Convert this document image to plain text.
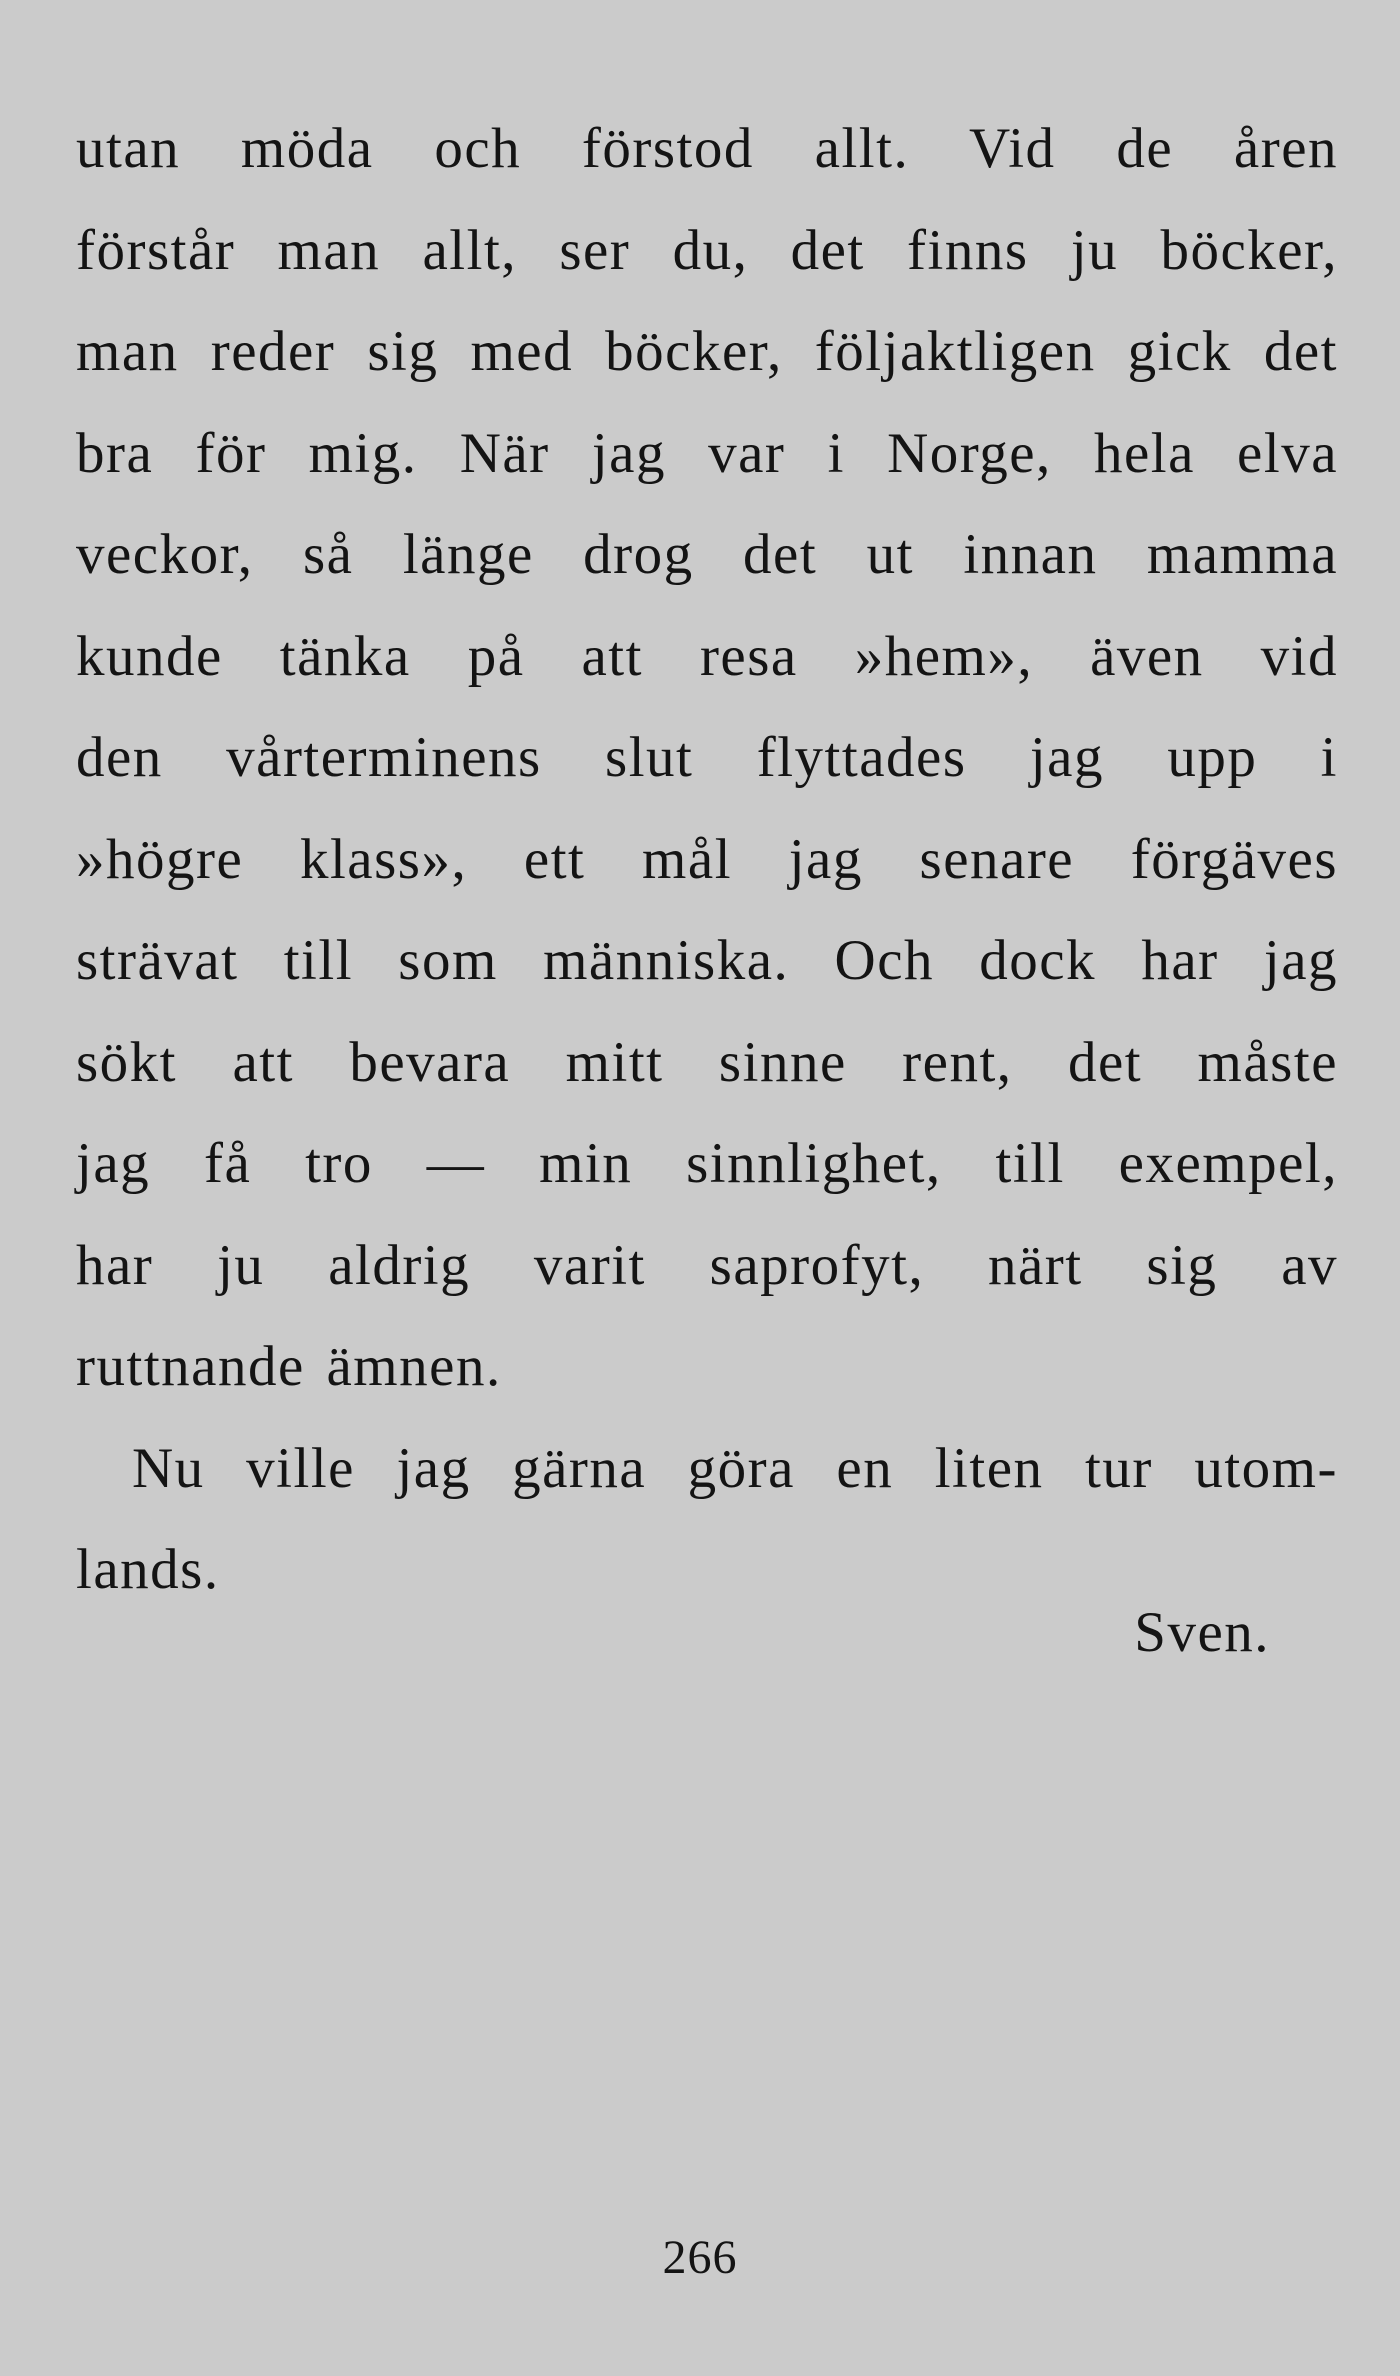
utan möda och förstod allt. Vid de åren
förstår man allt, ser du, det finns ju böcker,
man reder sig med böcker, följaktligen gick det
bra för mig. När jag var i Norge, hela elva
veckor, så länge drog det ut innan mamma
kunde tänka på att resa »hem», även vid
den vårterminens slut flyttades jag upp i
»högre klass», ett mål jag senare förgäves
strävat till som människa. Och dock har jag
sökt att bevara mitt sinne rent, det måste
jag få tro — min sinnlighet, till exempel,
har ju aldrig varit saprofyt, närt sig av
ruttnande ämnen.

Nu ville jag gärna göra en liten tur utom-
lands.

Sven.
266
